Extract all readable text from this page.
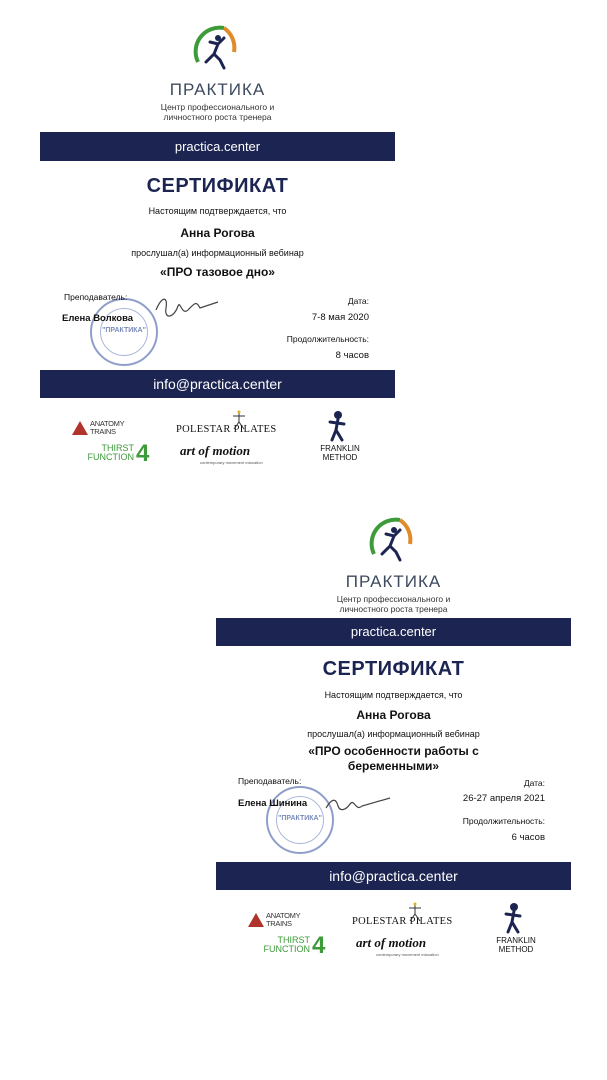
ПРАКТИКА
Центр профессионального и
личностного роста тренера
practica.center
СЕРТИФИКАТ
Настоящим подтверждается, что
Анна Рогова
прослушал(а) информационный вебинар
«ПРО тазовое дно»
"ПРАКТИКА"
Преподаватель:
Елена Волкова
Дата:
7-8 мая 2020
Продолжительность:
8 часов
info@practica.center
ANATOMY
TRAINS
THIRST
FUNCTION 4
POLESTAR PILATES
art of motion
contemporary movement education
FRANKLIN
METHOD
ПРАКТИКА
Центр профессионального и
личностного роста тренера
practica.center
СЕРТИФИКАТ
Настоящим подтверждается, что
Анна Рогова
прослушал(а) информационный вебинар
«ПРО особенности работы с
беременными»
"ПРАКТИКА"
Преподаватель:
Елена Шинина
Дата:
26-27 апреля 2021
Продолжительность:
6 часов
info@practica.center
ANATOMY
TRAINS
THIRST
FUNCTION 4
POLESTAR PILATES
art of motion
contemporary movement education
FRANKLIN
METHOD
